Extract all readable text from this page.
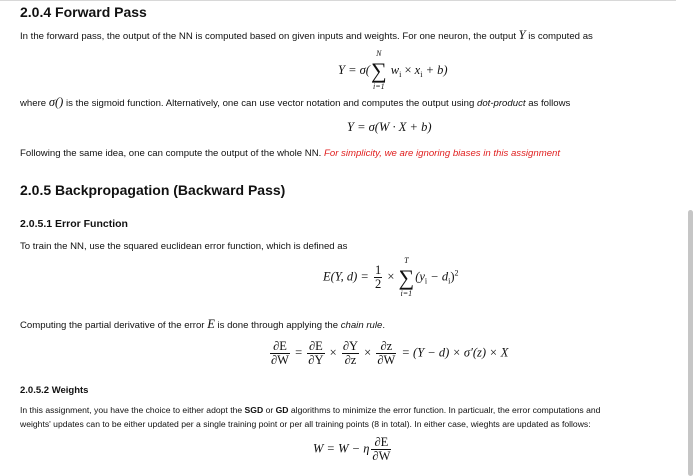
2.0.4 Forward Pass
In the forward pass, the output of the NN is computed based on given inputs and weights. For one neuron, the output Y is computed as
Y = σ(∑
N
i=1
$w_i \times x_i + b$)
where σ() is the sigmoid function. Alternatively, one can use vector notation and computes the output using dot-product as follows
Y = σ(W · X + b)
Following the same idea, one can compute the output of the whole NN. For simplicity, we are ignoring biases in this assignment
2.0.5 Backpropagation (Backward Pass)
2.0.5.1 Error Function
To train the NN, use the squared euclidean error function, which is defined as
E(Y, $d) = \frac{1}{2}$ × ∑
T
i=1
$(y_i - d_i)^2$
Computing the partial derivative of the error E is done through applying the chain rule.
$\frac{\partial E}{\partial W} = \frac{\partial E}{\partial Y} \times \frac{\partial Y}{\partial z} \times \frac{\partial z}{\partial W} = (Y - d) \times \sigma'(z) \times X$
2.0.5.2 Weights
In this assignment, you have the choice to either adopt the SGD or GD algorithms to minimize the error function. In particualr, the error computations and
weights' updates can to be either updated per a single training point or per all training points (8 in total). In either case, wieghts are updated as follows:
W = W − η $\frac{\partial E}{\partial W}$
